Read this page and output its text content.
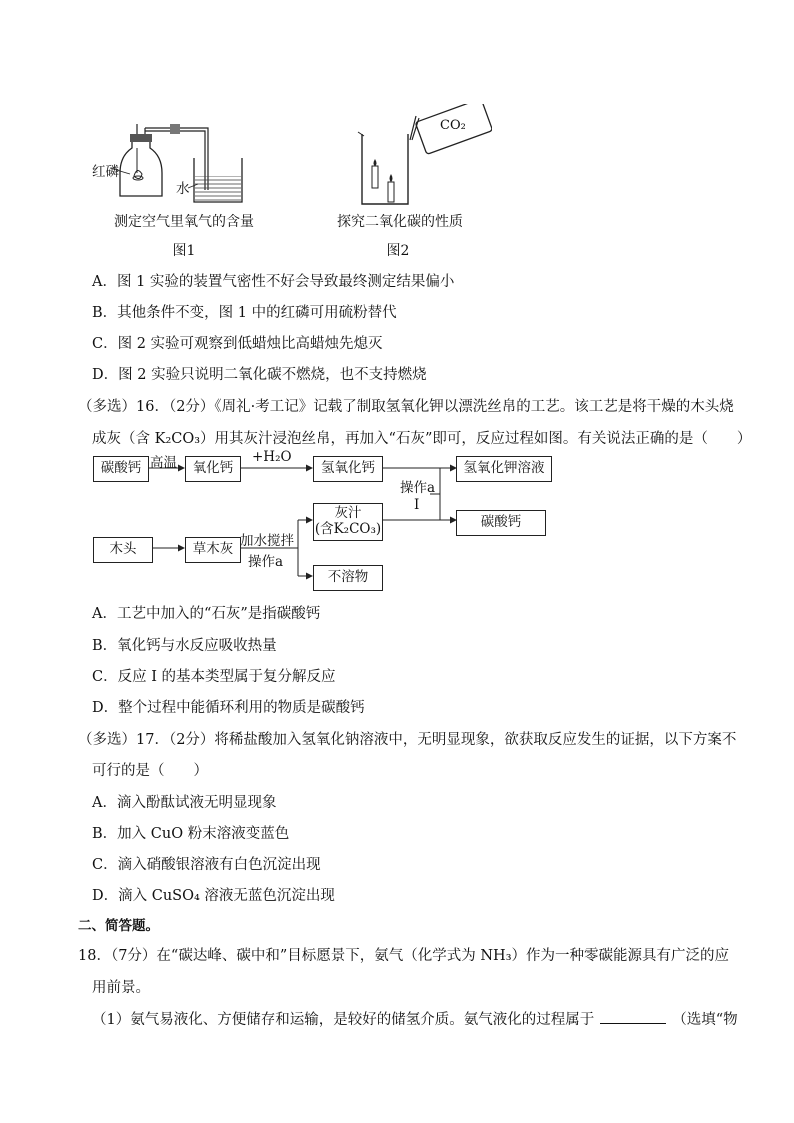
红磷
水
测定空气里氧气的含量
图1
CO₂
探究二氧化碳的性质
图2
A．图 1 实验的装置气密性不好会导致最终测定结果偏小
B．其他条件不变，图 1 中的红磷可用硫粉替代
C．图 2 实验可观察到低蜡烛比高蜡烛先熄灭
D．图 2 实验只说明二氧化碳不燃烧，也不支持燃烧
（多选）16．（2分）《周礼·考工记》记载了制取氢氧化钾以漂洗丝帛的工艺。该工艺是将干燥的木头烧
成灰（含 K₂CO₃）用其灰汁浸泡丝帛，再加入“石灰”即可，反应过程如图。有关说法正确的是（　　）
碳酸钙 高温	氧化钙
+H₂O
氢氧化钙
操作a
I
氢氧化钾溶液
碳酸钙
木头	草木灰
加水搅拌
操作a
灰汁
(含K₂CO₃)
不溶物
A．工艺中加入的“石灰”是指碳酸钙
B．氧化钙与水反应吸收热量
C．反应 I 的基本类型属于复分解反应
D．整个过程中能循环利用的物质是碳酸钙
（多选）17．（2分）将稀盐酸加入氢氧化钠溶液中，无明显现象，欲获取反应发生的证据，以下方案不
可行的是（　　）
A．滴入酚酞试液无明显现象
B．加入 CuO 粉末溶液变蓝色
C．滴入硝酸银溶液有白色沉淀出现
D．滴入 CuSO₄ 溶液无蓝色沉淀出现
二、简答题。
18．（7分）在“碳达峰、碳中和”目标愿景下，氨气（化学式为 NH₃）作为一种零碳能源具有广泛的应
用前景。
（1）氨气易液化、方便储存和运输，是较好的储氢介质。氨气液化的过程属于	（选填“物
